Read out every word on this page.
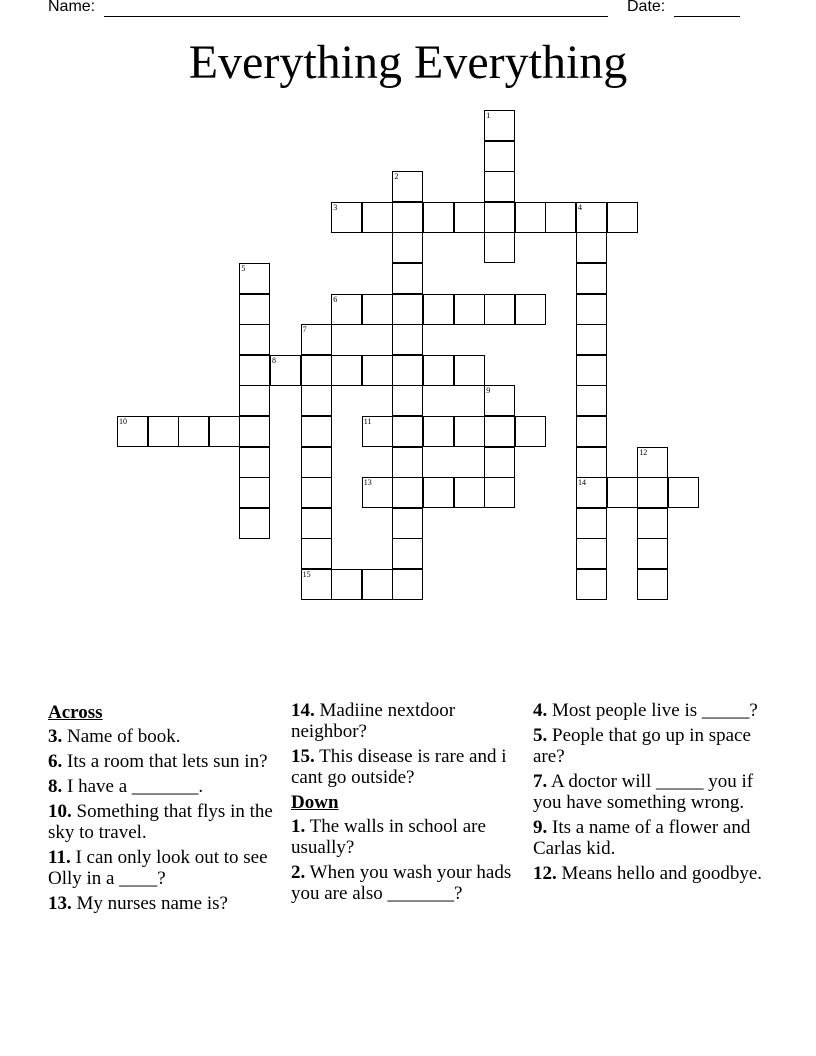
Name:	Date:
Everything Everything
1
2
3	4
14
5
6
7
15
8
9
10	11
12
13
Across
3. Name of book.
6. Its a room that lets sun in?
8. I have a _______.
10. Something that flys in the sky to travel.
11. I can only look out to see Olly in a ____?
13. My nurses name is?
14. Madiine nextdoor neighbor?
15. This disease is rare and i cant go outside?
Down
1. The walls in school are usually?
2. When you wash your hads you are also _______?
4. Most people live is _____?
5. People that go up in space are?
7. A doctor will _____ you if you have something wrong.
9. Its a name of a flower and Carlas kid.
12. Means hello and goodbye.
